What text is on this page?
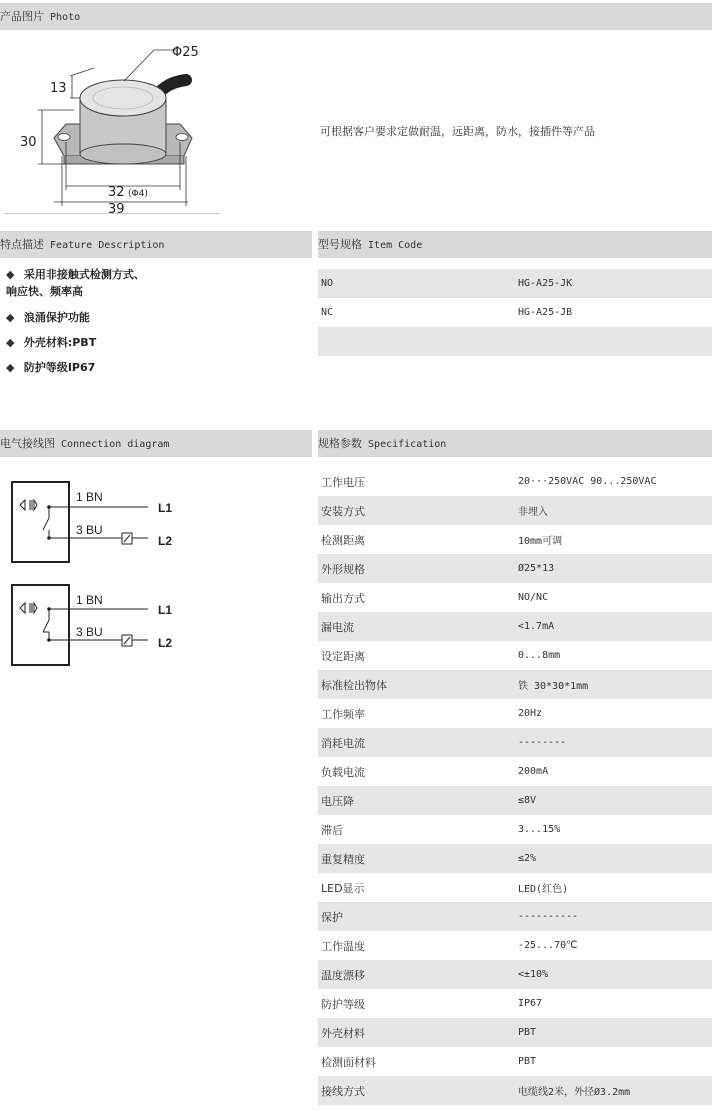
产品图片 Photo
特点描述 Feature Description	型号规格 Item Code
电气接线图 Connection diagram	规格参数 Specification
Φ25
13
30
32 (Φ4)
39
可根据客户要求定做耐温，远距离，防水，接插件等产品
◆ 采用非接触式检测方式、
响应快、频率高
◆ 浪涌保护功能
◆ 外壳材料:PBT
◆ 防护等级IP67
NO	HG-A25-JK
NC	HG-A25-JB
1 BN
3 BU
L1
L2
1 BN
3 BU
L1
L2
工作电压	20···250VAC 90...250VAC
安装方式	非埋入
检测距离	10mm可调
外形规格	Ø25*13
输出方式	NO/NC
漏电流	<1.7mA
设定距离	0...8mm
标准检出物体	铁 30*30*1mm
工作频率	20Hz
消耗电流	--------
负载电流	200mA
电压降	≤8V
滞后	3...15%
重复精度	≤2%
LED显示	LED(红色)
保护	----------
工作温度	-25...70℃
温度漂移	<±10%
防护等级	IP67
外壳材料	PBT
检测面材料	PBT
接线方式	电缆线2米，外径Ø3.2mm
